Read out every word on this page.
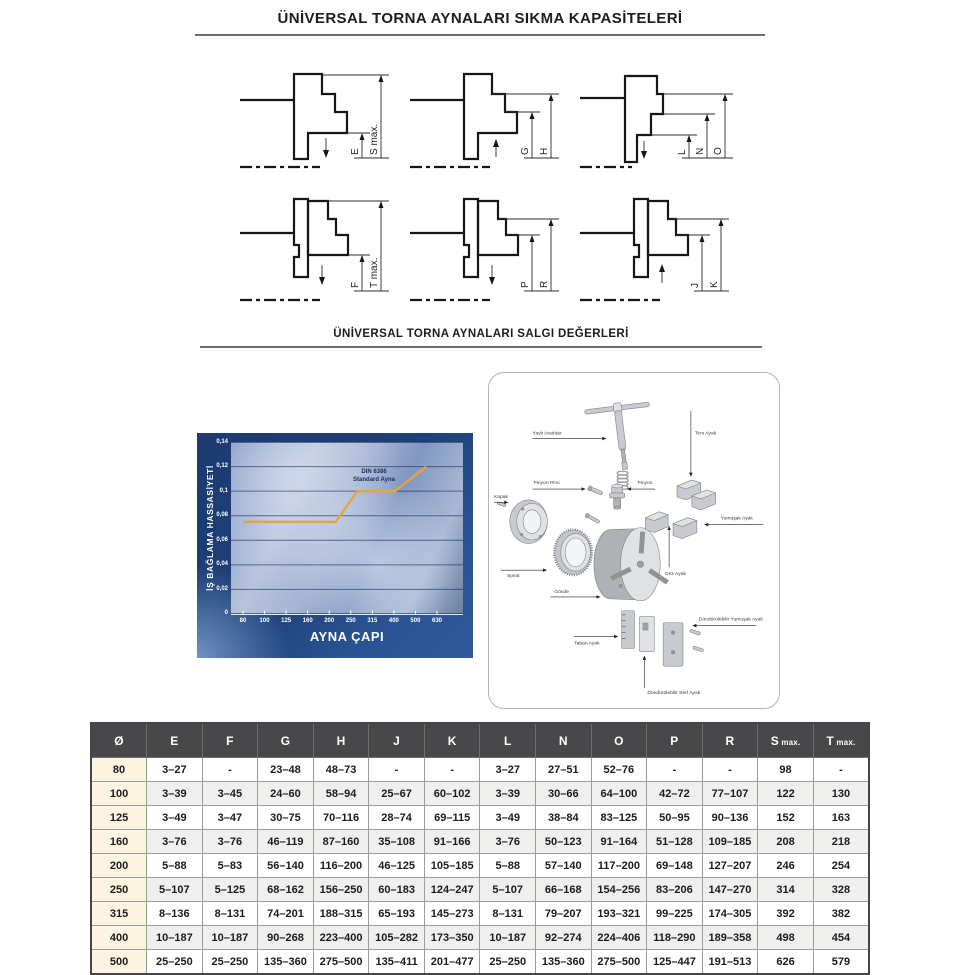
ÜNİVERSAL TORNA AYNALARI SIKMA KAPASİTELERİ
E S max.	G H	L N O
F T max.	P R	J K
ÜNİVERSAL TORNA AYNALARI SALGI DEĞERLERİ
İŞ BAĞLAMA HASSASİYETİ	DIN 6386
Standard Ayna
AYNA ÇAPI
0
0,02
0,04
0,06
0,08
0,1
0,12
0,14
80 100 125 160 200 250 315 400 500 630
Yaylı Anahtar	Ters Ayak
Pinyon Pimi	Pinyon
Kapak
Yumuşak Ayak
Spiral	Düz Ayak
Gövde
Taban Ayak
Döndürülebilir Yumuşak Ayak
Döndürülebilir Sert Ayak
Ø	E	F	G	H	J	K	L	N	O	P	R	S max.	T max.
80	3–27	-	23–48	48–73	-	-	3–27	27–51	52–76	-	-	98	-
100	3–39	3–45	24–60	58–94	25–67	60–102	3–39	30–66	64–100	42–72	77–107	122	130
125	3–49	3–47	30–75	70–116	28–74	69–115	3–49	38–84	83–125	50–95	90–136	152	163
160	3–76	3–76	46–119	87–160	35–108	91–166	3–76	50–123	91–164	51–128	109–185	208	218
200	5–88	5–83	56–140	116–200	46–125	105–185	5–88	57–140	117–200	69–148	127–207	246	254
250	5–107	5–125	68–162	156–250	60–183	124–247	5–107	66–168	154–256	83–206	147–270	314	328
315	8–136	8–131	74–201	188–315	65–193	145–273	8–131	79–207	193–321	99–225	174–305	392	382
400	10–187	10–187	90–268	223–400	105–282	173–350	10–187	92–274	224–406	118–290	189–358	498	454
500	25–250	25–250	135–360	275–500	135–411	201–477	25–250	135–360	275–500	125–447	191–513	626	579
